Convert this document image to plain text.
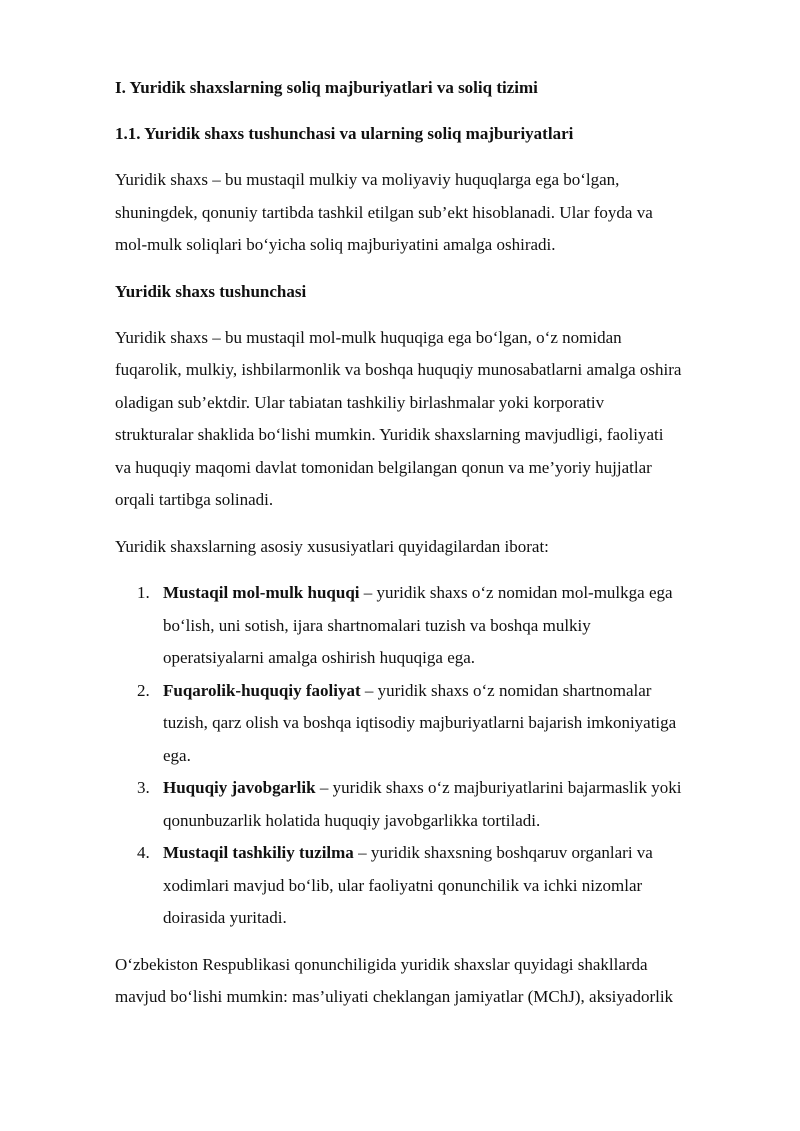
I. Yuridik shaxslarning soliq majburiyatlari va soliq tizimi
1.1. Yuridik shaxs tushunchasi va ularning soliq majburiyatlari

Yuridik shaxs – bu mustaqil mulkiy va moliyaviy huquqlarga ega bo‘lgan,
shuningdek, qonuniy tartibda tashkil etilgan sub’ekt hisoblanadi. Ular foyda va
mol-mulk soliqlari bo‘yicha soliq majburiyatini amalga oshiradi.

Yuridik shaxs tushunchasi

Yuridik shaxs – bu mustaqil mol-mulk huquqiga ega bo‘lgan, o‘z nomidan
fuqarolik, mulkiy, ishbilarmonlik va boshqa huquqiy munosabatlarni amalga oshira
oladigan sub’ektdir. Ular tabiatan tashkiliy birlashmalar yoki korporativ
strukturalar shaklida bo‘lishi mumkin. Yuridik shaxslarning mavjudligi, faoliyati
va huquqiy maqomi davlat tomonidan belgilangan qonun va me’yoriy hujjatlar
orqali tartibga solinadi.

Yuridik shaxslarning asosiy xususiyatlari quyidagilardan iborat:

1. Mustaqil mol-mulk huquqi – yuridik shaxs o‘z nomidan mol-mulkga ega
bo‘lish, uni sotish, ijara shartnomalari tuzish va boshqa mulkiy
operatsiyalarni amalga oshirish huquqiga ega.
2. Fuqarolik-huquqiy faoliyat – yuridik shaxs o‘z nomidan shartnomalar
tuzish, qarz olish va boshqa iqtisodiy majburiyatlarni bajarish imkoniyatiga
ega.
3. Huquqiy javobgarlik – yuridik shaxs o‘z majburiyatlarini bajarmaslik yoki
qonunbuzarlik holatida huquqiy javobgarlikka tortiladi.
4. Mustaqil tashkiliy tuzilma – yuridik shaxsning boshqaruv organlari va
xodimlari mavjud bo‘lib, ular faoliyatni qonunchilik va ichki nizomlar
doirasida yuritadi.

O‘zbekiston Respublikasi qonunchiligida yuridik shaxslar quyidagi shakllarda
mavjud bo‘lishi mumkin: mas’uliyati cheklangan jamiyatlar (MChJ), aksiyadorlik
